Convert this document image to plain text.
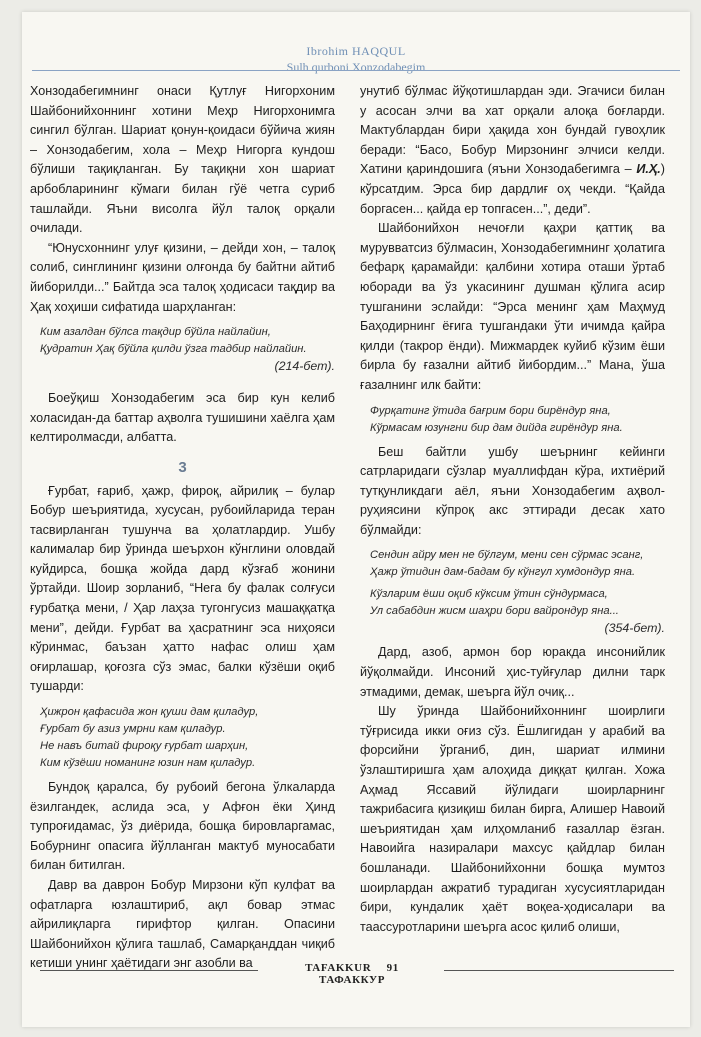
Ibrohim HAQQUL
Sulh qurboni Xonzodabegim

Хонзодабегимнинг онаси Қутлуғ Нигорхоним Шайбонийхоннинг хотини Меҳр Нигорхонимга сингил бўлган. Шариат қонун-қоидаси бўйича жиян – Хонзодабегим, хола – Меҳр Нигорга кундош бўлиши тақиқланган. Бу тақиқни хон шариат арбобларининг кўмаги билан гўё четга суриб ташлайди. Яъни висолга йўл талоқ орқали очилади.

“Юнусхоннинг улуғ қизини, – дейди хон, – талоқ солиб, синглининг қизини олғонда бу байтни айтиб йиборилди...” Байтда эса талоқ ҳодисаси тақдир ва Ҳақ хоҳиши сифатида шарҳланган:

Ким азалдан бўлса тақдир бўйла найлайин,
Қудратин Ҳақ бўйла қилди ўзга тадбир найлайин.
(214-бет).

Боеўқиш Хонзодабегим эса бир кун келиб холасидан-да баттар аҳволга тушишини хаёлга ҳам келтиролмасди, албатта.

3

Ғурбат, ғариб, ҳажр, фироқ, айрилиқ – булар Бобур шеъриятида, хусусан, рубоийларида теран тасвирланган тушунча ва ҳолатлардир. Ушбу калималар бир ўринда шеърхон кўнглини оловдай куйдирса, бошқа жойда дард кўзғаб жонини ўртайди. Шоир зорланиб, “Нега бу фалак солғуси ғурбатқа мени, / Ҳар лаҳза тугонгусиз машаққатқа мени”, дейди. Ғурбат ва ҳасратнинг эса ниҳояси кўринмас, баъзан ҳатто нафас олиш ҳам оғирлашар, қоғозга сўз эмас, балки кўзёши оқиб тушарди:

Ҳижрон қафасида жон қуши дам қиладур,
Ғурбат бу азиз умрни кам қиладур.
Не навъ битай фироқу ғурбат шарҳин,
Ким кўзёши номанинг юзин нам қиладур.

Бундоқ қаралса, бу рубоий бегона ўлкаларда ёзилгандек, аслида эса, у Афғон ёки Ҳинд тупроғидамас, ўз диёрида, бошқа бировларгамас, Бобурнинг опасига йўлланган мактуб муносабати билан битилган.

Давр ва даврон Бобур Мирзони кўп кулфат ва офатларга юзлаштириб, ақл бовар этмас айрилиқларга гирифтор қилган. Опасини Шайбонийхон қўлига ташлаб, Самарқанддан чиқиб кетиши унинг ҳаётидаги энг азобли ва

унутиб бўлмас йўқотишлардан эди. Эгачиси билан у асосан элчи ва хат орқали алоқа боғларди. Мактублардан бири ҳақида хон бундай гувоҳлик беради: “Басо, Бобур Мирзонинг элчиси келди. Хатини қариндошига (яъни Хонзодабегимга – И.Ҳ.) кўрсатдим. Эрса бир дардлиғ оҳ чекди. “Қайда боргасен... қайда ер топгасен...”, деди”.

Шайбонийхон нечоғли қаҳри қаттиқ ва мурувватсиз бўлмасин, Хонзодабегимнинг ҳолатига бефарқ қарамайди: қалбини хотира оташи ўртаб юборади ва ўз укасининг душман қўлига асир тушганини эслайди: “Эрса менинг ҳам Маҳмуд Баҳодирнинг ёғига тушгандаки ўти ичимда қайра қилди (такрор ёнди). Мижмардек куйиб кўзим ёши бирла бу ғазални айтиб йибордим...” Мана, ўша ғазалнинг илк байти:

Фурқатинг ўтида бағрим бори бирёндур яна,
Кўрмасам юзунгни бир дам дийда гирёндур яна.

Беш байтли ушбу шеърнинг кейинги сатрларидаги сўзлар муаллифдан кўра, ихтиёрий тутқунликдаги аёл, яъни Хонзодабегим аҳвол-руҳиясини кўпроқ акс эттиради десак хато бўлмайди:

Сендин айру мен не бўлгум, мени сен сўрмас эсанг,
Ҳажр ўтидин дам-бадам бу кўнгул хумдондур яна.
Кўзларим ёши оқиб кўксим ўтин сўндурмаса,
Ул сабабдин жисм шаҳри бори вайрондур яна...
(354-бет).

Дард, азоб, армон бор юракда инсонийлик йўқолмайди. Инсоний ҳис-туйғулар дилни тарк этмадими, демак, шеърга йўл очиқ...

Шу ўринда Шайбонийхоннинг шоирлиги тўғрисида икки оғиз сўз. Ёшлигидан у арабий ва форсийни ўрганиб, дин, шариат илмини ўзлаштиришга ҳам алоҳида диққат қилган. Хожа Аҳмад Яссавий йўлидаги шоирларнинг тажрибасига қизиқиш билан бирга, Алишер Навоий шеъриятидан ҳам илҳомланиб ғазаллар ёзган. Навоийга назиралари махсус қайдлар билан бошланади. Шайбонийхонни бошқа мумтоз шоирлардан ажратиб турадиган хусусиятларидан бири, кундалик ҳаёт воқеа-ҳодисалари ва таассуротларини шеърга асос қилиб олиши,

TAFAKKUR 91 ТАФАККУР
